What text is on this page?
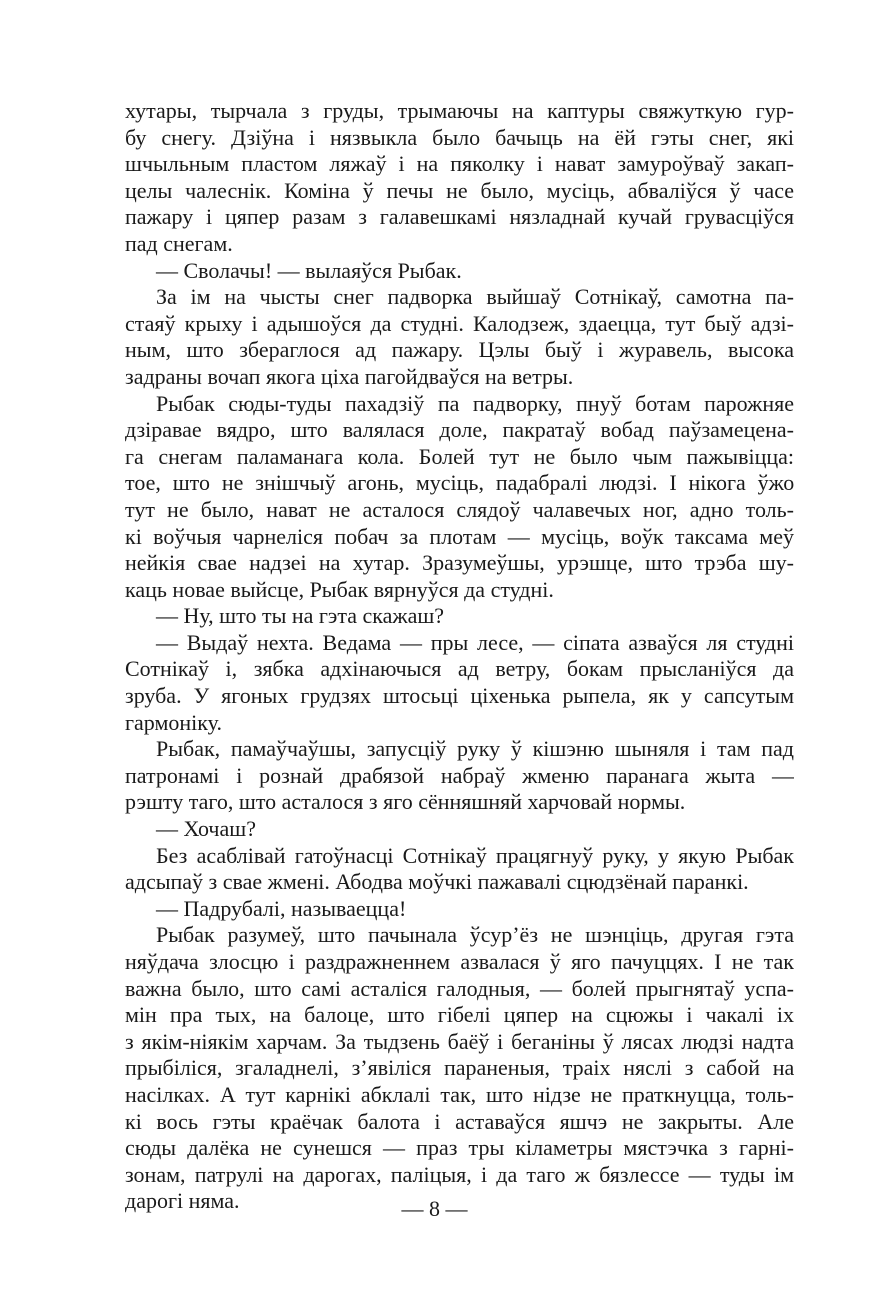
хутары, тырчала з груды, трымаючы на каптуры свяжуткую гур-
бу снегу. Дзіўна і нязвыкла было бачыць на ёй гэты снег, які
шчыльным пластом ляжаў і на пяколку і нават замуроўваў закап-
целы чалеснік. Коміна ў печы не было, мусіць, абваліўся ў часе
пажару і цяпер разам з галавешкамі нязладнай кучай грувасціўся
пад снегам.
— Сволачы! — вылаяўся Рыбак.
За ім на чысты снег падворка выйшаў Сотнікаў, самотна па-
стаяў крыху і адышоўся да студні. Калодзеж, здаецца, тут быў адзі-
ным, што збераглося ад пажару. Цэлы быў і журавель, высока
задраны вочап якога ціха пагойдваўся на ветры.
Рыбак сюды-туды пахадзіў па падворку, пнуў ботам парожняе
дзіравае вядро, што валялася доле, пакратаў вобад паўзамецена-
га снегам паламанага кола. Болей тут не было чым пажывіцца:
тое, што не знішчыў агонь, мусіць, падабралі людзі. І нікога ўжо
тут не было, нават не асталося слядоў чалавечых ног, адно толь-
кі воўчыя чарнеліся побач за плотам — мусіць, воўк таксама меў
нейкія свае надзеі на хутар. Зразумеўшы, урэшце, што трэба шу-
каць новае выйсце, Рыбак вярнуўся да студні.
— Ну, што ты на гэта скажаш?
— Выдаў нехта. Ведама — пры лесе, — сіпата азваўся ля студні
Сотнікаў і, зябка адхінаючыся ад ветру, бокам прысланіўся да
зруба. У ягоных грудзях штосьці ціхенька рыпела, як у сапсутым
гармоніку.
Рыбак, памаўчаўшы, запусціў руку ў кішэню шыняля і там пад
патронамі і рознай драбязой набраў жменю паранага жыта —
рэшту таго, што асталося з яго сённяшняй харчовай нормы.
— Хочаш?
Без асаблівай гатоўнасці Сотнікаў працягнуў руку, у якую Рыбак
адсыпаў з свае жмені. Абодва моўчкі пажавалі сцюдзёнай паранкі.
— Падрубалі, называецца!
Рыбак разумеў, што пачынала ўсур’ёз не шэнціць, другая гэта
няўдача злосцю і раздражненнем азвалася ў яго пачуццях. І не так
важна было, што самі асталіся галодныя, — болей прыгнятаў успа-
мін пра тых, на балоце, што гібелі цяпер на сцюжы і чакалі іх
з якім-ніякім харчам. За тыдзень баёў і беганіны ў лясах людзі надта
прыбіліся, згаладнелі, з’явіліся параненыя, траіх няслі з сабой на
насілках. А тут карнікі абклалі так, што нідзе не праткнуцца, толь-
кі вось гэты краёчак балота і аставаўся яшчэ не закрыты. Але
сюды далёка не сунешся — праз тры кіламетры мястэчка з гарні-
зонам, патрулі на дарогах, паліцыя, і да таго ж бязлессе — туды ім
дарогі няма.	— 8 —
